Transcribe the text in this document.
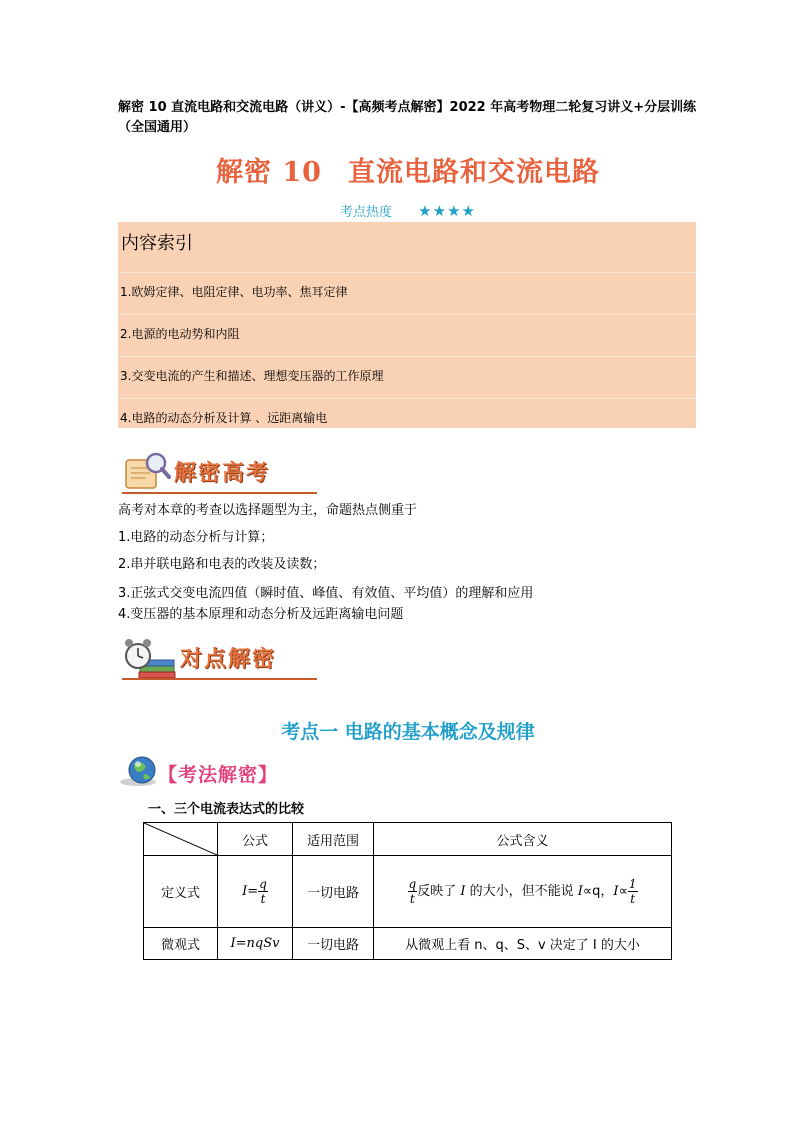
解密 10 直流电路和交流电路（讲义）-【高频考点解密】2022 年高考物理二轮复习讲义+分层训练（全国通用）
解密 10 直流电路和交流电路
考点热度 ★★★★
内容索引
1.欧姆定律、电阻定律、电功率、焦耳定律
2.电源的电动势和内阻
3.交变电流的产生和描述、理想变压器的工作原理
4.电路的动态分析及计算 、远距离输电
解密高考
高考对本章的考查以选择题型为主，命题热点侧重于
1.电路的动态分析与计算；
2.串并联电路和电表的改装及读数；
3.正弦式交变电流四值（瞬时值、峰值、有效值、平均值）的理解和应用
4.变压器的基本原理和动态分析及远距离输电问题
对点解密
考点一 电路的基本概念及规律
【考法解密】
一、三个电流表达式的比较
	公式	适用范围	公式含义
定义式	$I= \frac{q}{t}$	一切电路	$\frac{q}{t}$ 反映了 I 的大小，但不能说 I∝q，$I\propto \frac{1}{t}$

微观式	I=nqSv	一切电路	从微观上看 n、q、S、v 决定了 I 的大小
